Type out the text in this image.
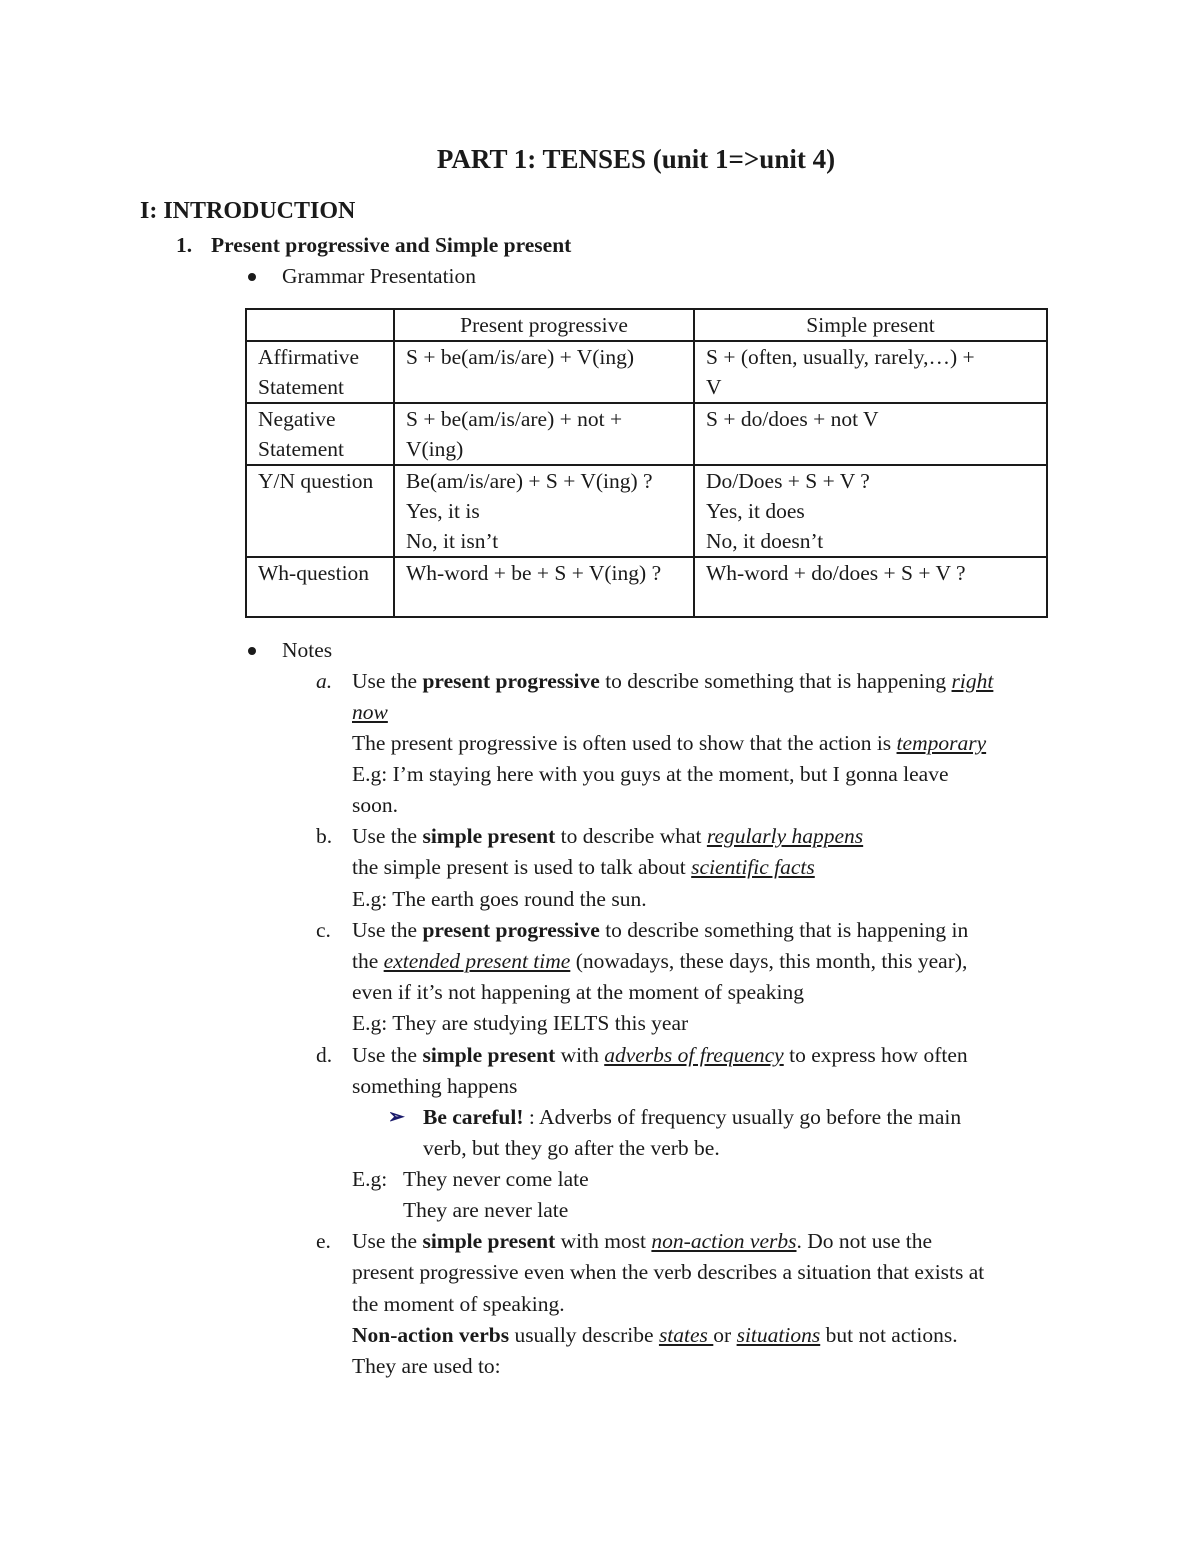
PART 1: TENSES (unit 1=>unit 4)
I: INTRODUCTION
1. Present progressive and Simple present
Grammar Presentation
	Present progressive	Simple present

Affirmative
Statement	S + be(am/is/are) + V(ing)	S + (often, usually, rarely,…) +
V

Negative
Statement	S + be(am/is/are) + not +
V(ing)	S + do/does + not V

Y/N question	Be(am/is/are) + S + V(ing) ?
Yes, it is
No, it isn’t	Do/Does + S + V ?
Yes, it does
No, it doesn’t

Wh-question	Wh-word + be + S + V(ing) ?	Wh-word + do/does + S + V ?
Notes
a. Use the present progressive to describe something that is happening right
now
The present progressive is often used to show that the action is temporary
E.g: I’m staying here with you guys at the moment, but I gonna leave
soon.
b. Use the simple present to describe what regularly happens
the simple present is used to talk about scientific facts
E.g: The earth goes round the sun.
c. Use the present progressive to describe something that is happening in
the extended present time (nowadays, these days, this month, this year),
even if it’s not happening at the moment of speaking
E.g: They are studying IELTS this year
d. Use the simple present with adverbs of frequency to express how often
something happens
➢ Be careful! : Adverbs of frequency usually go before the main
verb, but they go after the verb be.
E.g: They never come late
They are never late
e. Use the simple present with most non-action verbs. Do not use the
present progressive even when the verb describes a situation that exists at
the moment of speaking.
Non-action verbs usually describe states or situations but not actions.
They are used to:
